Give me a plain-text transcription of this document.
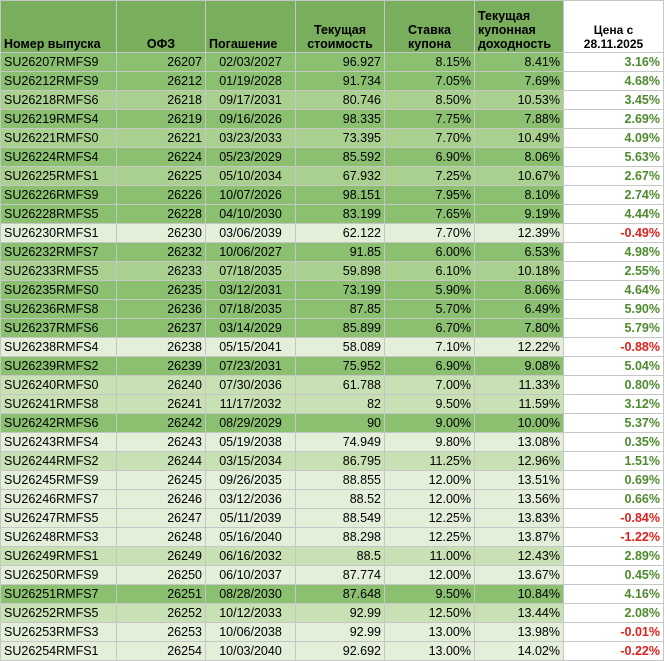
Номер выпуска	ОФЗ	Погашение	Текущая стоимость	Ставка купона	Текущая купонная доходность	Цена с 28.11.2025
SU26207RMFS9	26207	02/03/2027	96.927	8.15%	8.41%	3.16%
SU26212RMFS9	26212	01/19/2028	91.734	7.05%	7.69%	4.68%
SU26218RMFS6	26218	09/17/2031	80.746	8.50%	10.53%	3.45%
SU26219RMFS4	26219	09/16/2026	98.335	7.75%	7.88%	2.69%
SU26221RMFS0	26221	03/23/2033	73.395	7.70%	10.49%	4.09%
SU26224RMFS4	26224	05/23/2029	85.592	6.90%	8.06%	5.63%
SU26225RMFS1	26225	05/10/2034	67.932	7.25%	10.67%	2.67%
SU26226RMFS9	26226	10/07/2026	98.151	7.95%	8.10%	2.74%
SU26228RMFS5	26228	04/10/2030	83.199	7.65%	9.19%	4.44%
SU26230RMFS1	26230	03/06/2039	62.122	7.70%	12.39%	-0.49%
SU26232RMFS7	26232	10/06/2027	91.85	6.00%	6.53%	4.98%
SU26233RMFS5	26233	07/18/2035	59.898	6.10%	10.18%	2.55%
SU26235RMFS0	26235	03/12/2031	73.199	5.90%	8.06%	4.64%
SU26236RMFS8	26236	07/18/2035	87.85	5.70%	6.49%	5.90%
SU26237RMFS6	26237	03/14/2029	85.899	6.70%	7.80%	5.79%
SU26238RMFS4	26238	05/15/2041	58.089	7.10%	12.22%	-0.88%
SU26239RMFS2	26239	07/23/2031	75.952	6.90%	9.08%	5.04%
SU26240RMFS0	26240	07/30/2036	61.788	7.00%	11.33%	0.80%
SU26241RMFS8	26241	11/17/2032	82	9.50%	11.59%	3.12%
SU26242RMFS6	26242	08/29/2029	90	9.00%	10.00%	5.37%
SU26243RMFS4	26243	05/19/2038	74.949	9.80%	13.08%	0.35%
SU26244RMFS2	26244	03/15/2034	86.795	11.25%	12.96%	1.51%
SU26245RMFS9	26245	09/26/2035	88.855	12.00%	13.51%	0.69%
SU26246RMFS7	26246	03/12/2036	88.52	12.00%	13.56%	0.66%
SU26247RMFS5	26247	05/11/2039	88.549	12.25%	13.83%	-0.84%
SU26248RMFS3	26248	05/16/2040	88.298	12.25%	13.87%	-1.22%
SU26249RMFS1	26249	06/16/2032	88.5	11.00%	12.43%	2.89%
SU26250RMFS9	26250	06/10/2037	87.774	12.00%	13.67%	0.45%
SU26251RMFS7	26251	08/28/2030	87.648	9.50%	10.84%	4.16%
SU26252RMFS5	26252	10/12/2033	92.99	12.50%	13.44%	2.08%
SU26253RMFS3	26253	10/06/2038	92.99	13.00%	13.98%	-0.01%
SU26254RMFS1	26254	10/03/2040	92.692	13.00%	14.02%	-0.22%
